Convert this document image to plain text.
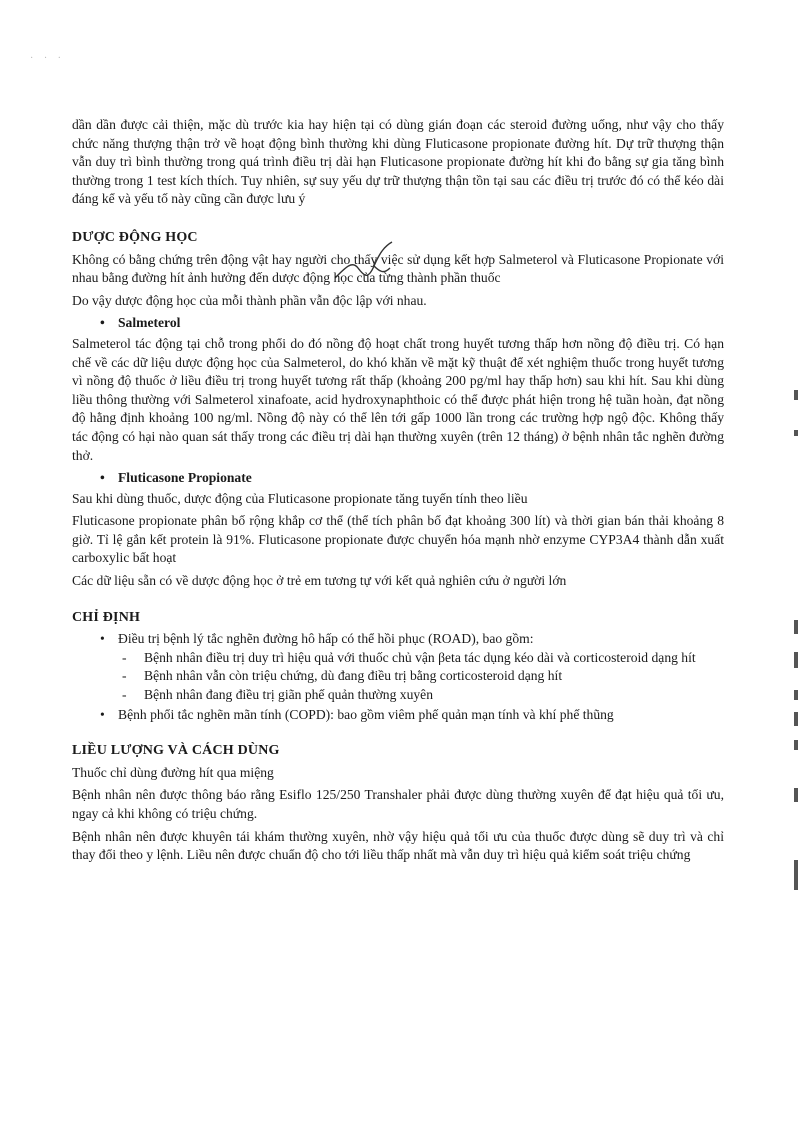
· · ·

dần dần được cải thiện, mặc dù trước kia hay hiện tại có dùng gián đoạn các steroid đường uống, như vậy cho thấy chức năng thượng thận trở về hoạt động bình thường khi dùng Fluticasone propionate đường hít. Dự trữ thượng thận vẫn duy trì bình thường trong quá trình điều trị dài hạn Fluticasone propionate đường hít khi đo bằng sự gia tăng bình thường trong 1 test kích thích. Tuy nhiên, sự suy yếu dự trữ thượng thận tồn tại sau các điều trị trước đó có thể kéo dài đáng kể và yếu tố này cũng cần được lưu ý

DƯỢC ĐỘNG HỌC

Không có bằng chứng trên động vật hay người cho thấy việc sử dụng kết hợp Salmeterol và Fluticasone Propionate với nhau bằng đường hít ảnh hưởng đến dược động học của từng thành phần thuốc

Do vậy dược động học của mỗi thành phần vẫn độc lập với nhau.

• Salmeterol

Salmeterol tác động tại chỗ trong phổi do đó nồng độ hoạt chất trong huyết tương thấp hơn nồng độ điều trị. Có hạn chế về các dữ liệu dược động học của Salmeterol, do khó khăn về mặt kỹ thuật để xét nghiệm thuốc trong huyết tương vì nồng độ thuốc ở liều điều trị trong huyết tương rất thấp (khoảng 200 pg/ml hay thấp hơn) sau khi hít. Sau khi dùng liều thông thường với Salmeterol xinafoate, acid hydroxynaphthoic có thể được phát hiện trong hệ tuần hoàn, đạt nồng độ hằng định khoảng 100 ng/ml. Nồng độ này có thể lên tới gấp 1000 lần trong các trường hợp ngộ độc. Không thấy tác động có hại nào quan sát thấy trong các điều trị dài hạn thường xuyên (trên 12 tháng) ở bệnh nhân tắc nghẽn đường thở.

• Fluticasone Propionate

Sau khi dùng thuốc, dược động của Fluticasone propionate tăng tuyến tính theo liều

Fluticasone propionate phân bố rộng khắp cơ thể (thể tích phân bố đạt khoảng 300 lít) và thời gian bán thải khoảng 8 giờ. Tỉ lệ gắn kết protein là 91%. Fluticasone propionate được chuyển hóa mạnh nhờ enzyme CYP3A4 thành dẫn xuất carboxylic bất hoạt

Các dữ liệu sẵn có về dược động học ở trẻ em tương tự với kết quả nghiên cứu ở người lớn

CHỈ ĐỊNH
• Điều trị bệnh lý tắc nghẽn đường hô hấp có thể hồi phục (ROAD), bao gồm:
- Bệnh nhân điều trị duy trì hiệu quả với thuốc chủ vận βeta tác dụng kéo dài và corticosteroid dạng hít
- Bệnh nhân vẫn còn triệu chứng, dù đang điều trị bằng corticosteroid dạng hít
- Bệnh nhân đang điều trị giãn phế quản thường xuyên
• Bệnh phổi tắc nghẽn mãn tính (COPD): bao gồm viêm phế quản mạn tính và khí phế thũng
LIỀU LƯỢNG VÀ CÁCH DÙNG

Thuốc chỉ dùng đường hít qua miệng

Bệnh nhân nên được thông báo rằng Esiflo 125/250 Transhaler phải được dùng thường xuyên để đạt hiệu quả tối ưu, ngay cả khi không có triệu chứng.

Bệnh nhân nên được khuyên tái khám thường xuyên, nhờ vậy hiệu quả tối ưu của thuốc được dùng sẽ duy trì và chỉ thay đổi theo y lệnh. Liều nên được chuẩn độ cho tới liều thấp nhất mà vẫn duy trì hiệu quả kiểm soát triệu chứng
